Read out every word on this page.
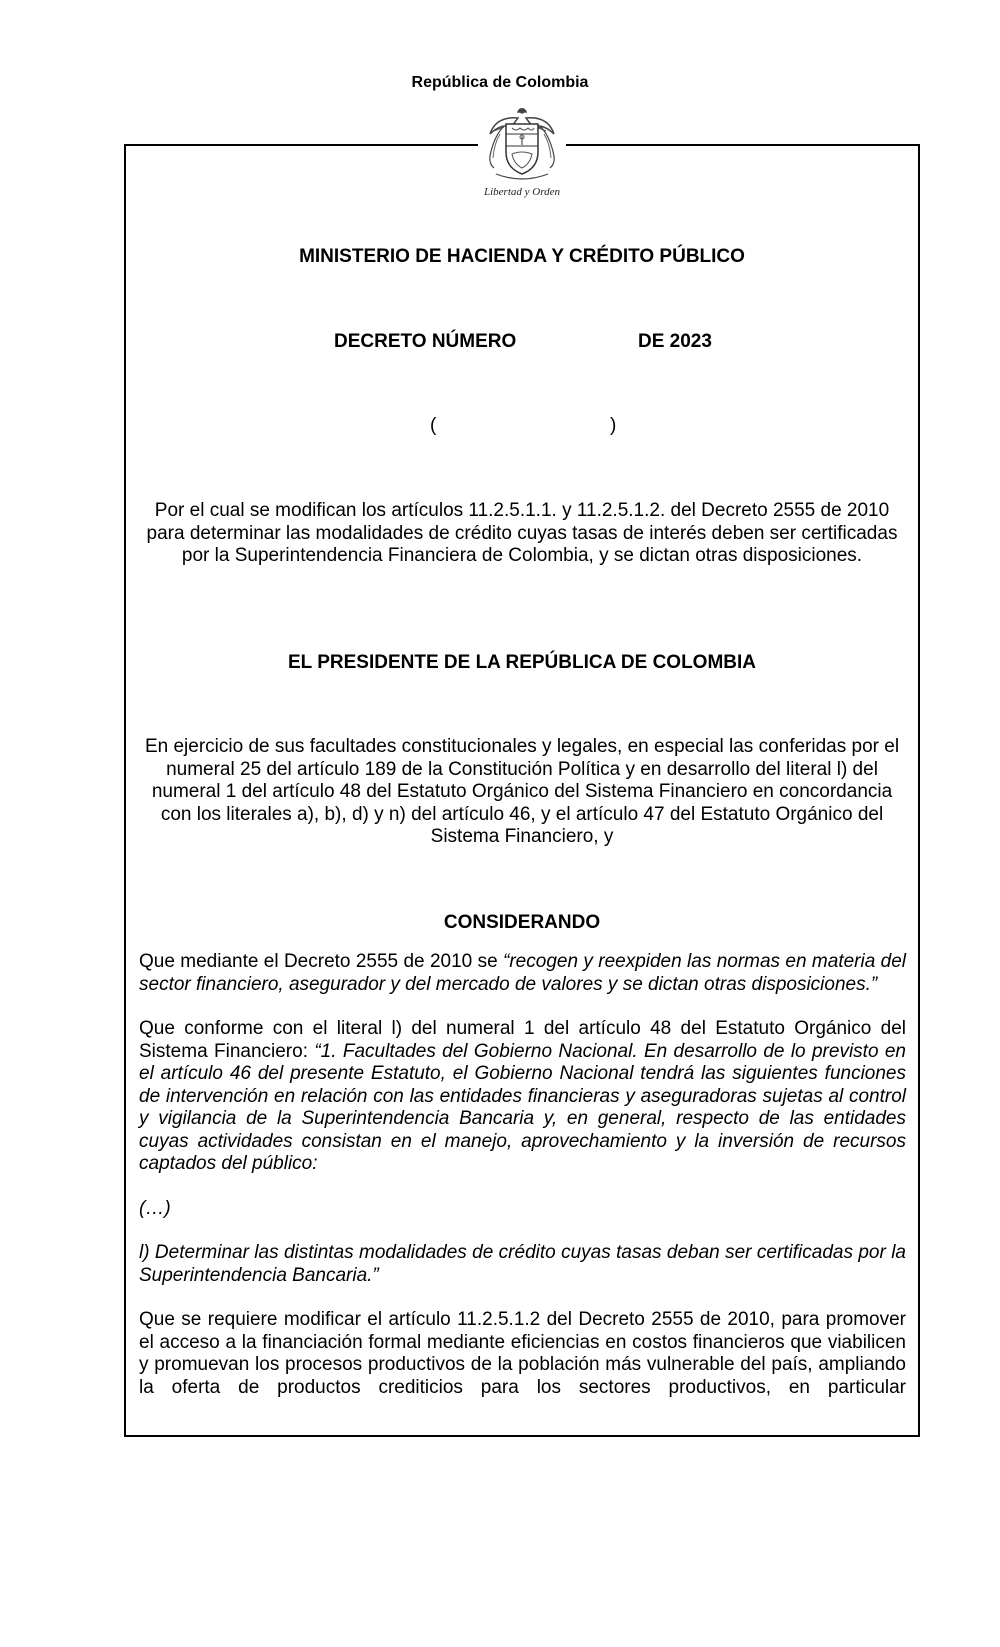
República de Colombia
Libertad y Orden
MINISTERIO DE HACIENDA Y CRÉDITO PÚBLICO
DECRETO NÚMERO	DE 2023
(	)
Por el cual se modifican los artículos 11.2.5.1.1. y 11.2.5.1.2. del Decreto 2555 de 2010 para determinar las modalidades de crédito cuyas tasas de interés deben ser certificadas por la Superintendencia Financiera de Colombia, y se dictan otras disposiciones.
EL PRESIDENTE DE LA REPÚBLICA DE COLOMBIA
En ejercicio de sus facultades constitucionales y legales, en especial las conferidas por el numeral 25 del artículo 189 de la Constitución Política y en desarrollo del literal l) del numeral 1 del artículo 48 del Estatuto Orgánico del Sistema Financiero en concordancia con los literales a), b), d) y n) del artículo 46, y el artículo 47 del Estatuto Orgánico del Sistema Financiero, y
CONSIDERANDO

Que mediante el Decreto 2555 de 2010 se “recogen y reexpiden las normas en materia del sector financiero, asegurador y del mercado de valores y se dictan otras disposiciones.”

Que conforme con el literal l) del numeral 1 del artículo 48 del Estatuto Orgánico del Sistema Financiero: “1. Facultades del Gobierno Nacional. En desarrollo de lo previsto en el artículo 46 del presente Estatuto, el Gobierno Nacional tendrá las siguientes funciones de intervención en relación con las entidades financieras y aseguradoras sujetas al control y vigilancia de la Superintendencia Bancaria y, en general, respecto de las entidades cuyas actividades consistan en el manejo, aprovechamiento y la inversión de recursos captados del público:

(…)

l) Determinar las distintas modalidades de crédito cuyas tasas deban ser certificadas por la Superintendencia Bancaria.”

Que se requiere modificar el artículo 11.2.5.1.2 del Decreto 2555 de 2010, para promover el acceso a la financiación formal mediante eficiencias en costos financieros que viabilicen y promuevan los procesos productivos de la población más vulnerable del país, ampliando la oferta de productos crediticios para los sectores productivos, en particular
